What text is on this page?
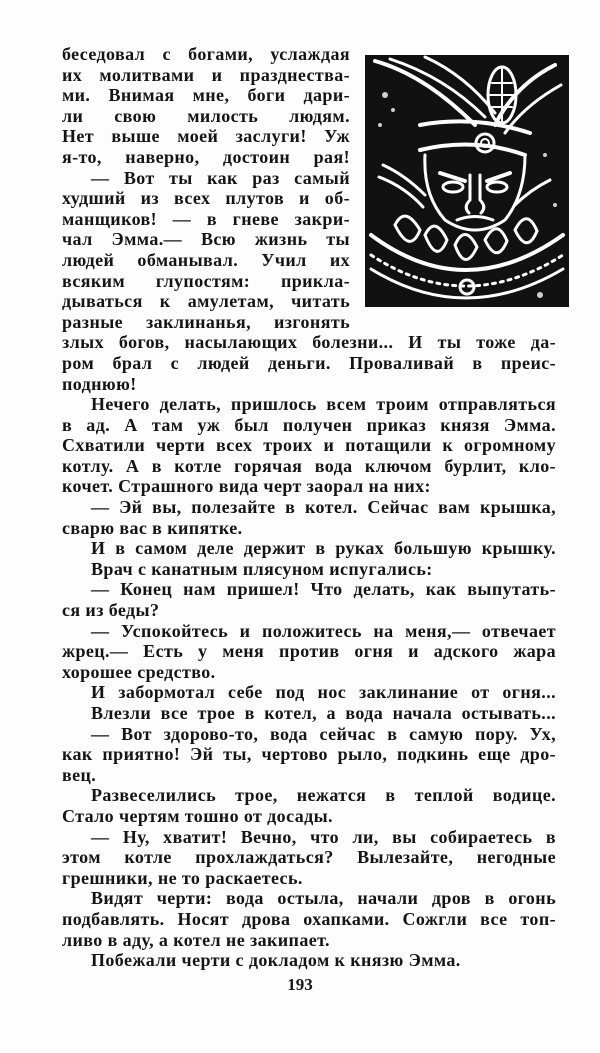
беседовал с богами, услаждая
их молитвами и празднества-
ми. Внимая мне, боги дари-
ли свою милость людям.
Нет выше моей заслуги! Уж
я-то, наверно, достоин рая!
— Вот ты как раз самый
худший из всех плутов и об-
манщиков! — в гневе закри-
чал Эмма.— Всю жизнь ты
людей обманывал. Учил их
всяким глупостям: прикла-
дываться к амулетам, читать
разные заклинанья, изгонять
злых богов, насылающих болезни... И ты тоже да-
ром брал с людей деньги. Проваливай в преис-
поднюю!
Нечего делать, пришлось всем троим отправляться
в ад. А там уж был получен приказ князя Эмма.
Схватили черти всех троих и потащили к огромному
котлу. А в котле горячая вода ключом бурлит, кло-
кочет. Страшного вида черт заорал на них:
— Эй вы, полезайте в котел. Сейчас вам крышка,
сварю вас в кипятке.
И в самом деле держит в руках большую крышку.
Врач с канатным плясуном испугались:
— Конец нам пришел! Что делать, как выпутать-
ся из беды?
— Успокойтесь и положитесь на меня,— отвечает
жрец.— Есть у меня против огня и адского жара
хорошее средство.
И забормотал себе под нос заклинание от огня...
Влезли все трое в котел, а вода начала остывать...
— Вот здорово-то, вода сейчас в самую пору. Ух,
как приятно! Эй ты, чертово рыло, подкинь еще дро-
вец.
Развеселились трое, нежатся в теплой водице.
Стало чертям тошно от досады.
— Ну, хватит! Вечно, что ли, вы собираетесь в
этом котле прохлаждаться? Вылезайте, негодные
грешники, не то раскаетесь.
Видят черти: вода остыла, начали дров в огонь
подбавлять. Носят дрова охапками. Сожгли все топ-
ливо в аду, а котел не закипает.
Побежали черти с докладом к князю Эмма.
193
